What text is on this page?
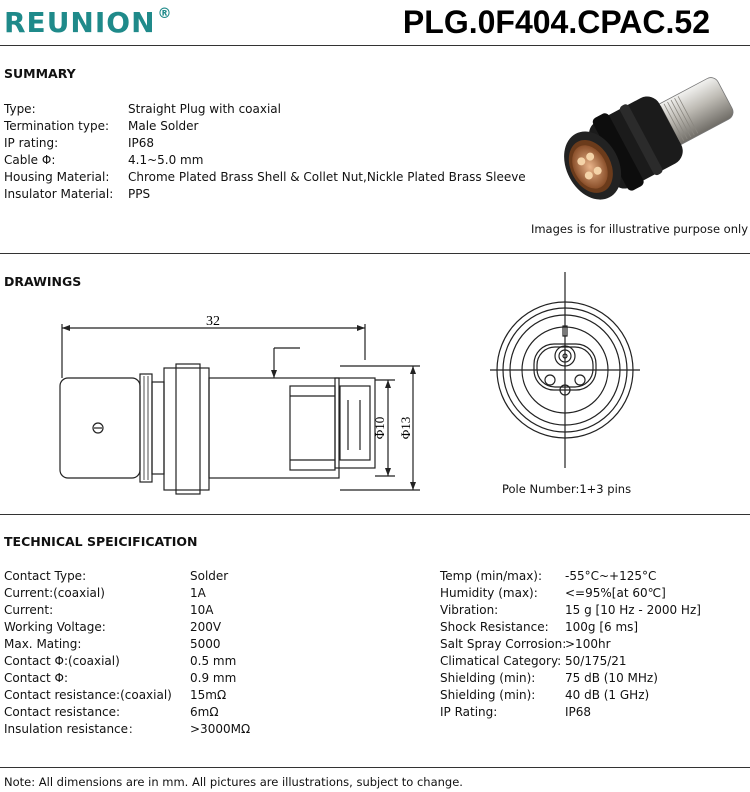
REUNION ®	PLG.0F404.CPAC.52
SUMMARY
Type:
Termination type:
IP rating:
Cable Φ:
Housing Material:
Insulator Material:
Straight Plug with coaxial
Male Solder
IP68
4.1~5.0 mm
Chrome Plated Brass Shell & Collet Nut,Nickle Plated Brass Sleeve
PPS
Images is for illustrative purpose only
DRAWINGS
32
Φ10 Φ13
Pole Number:1+3 pins
TECHNICAL SPEICIFICATION
Contact Type:
Current:(coaxial)
Current:
Working Voltage:
Max. Mating:
Contact Φ:(coaxial)
Contact Φ:
Contact resistance:(coaxial)
Contact resistance:
Insulation resistance：
Solder
1A
10A
200V
5000
0.5 mm
0.9 mm
15mΩ
6mΩ
>3000MΩ
Temp (min/max):
Humidity (max):
Vibration:
Shock Resistance:
Salt Spray Corrosion:
Climatical Category:
Shielding (min):
Shielding (min):
IP Rating:
-55°C~+125°C
<=95%[at 60℃]
15 g [10 Hz - 2000 Hz]
100g [6 ms]
>100hr
50/175/21
75 dB (10 MHz)
40 dB (1 GHz)
IP68
Note: All dimensions are in mm. All pictures are illustrations, subject to change.
